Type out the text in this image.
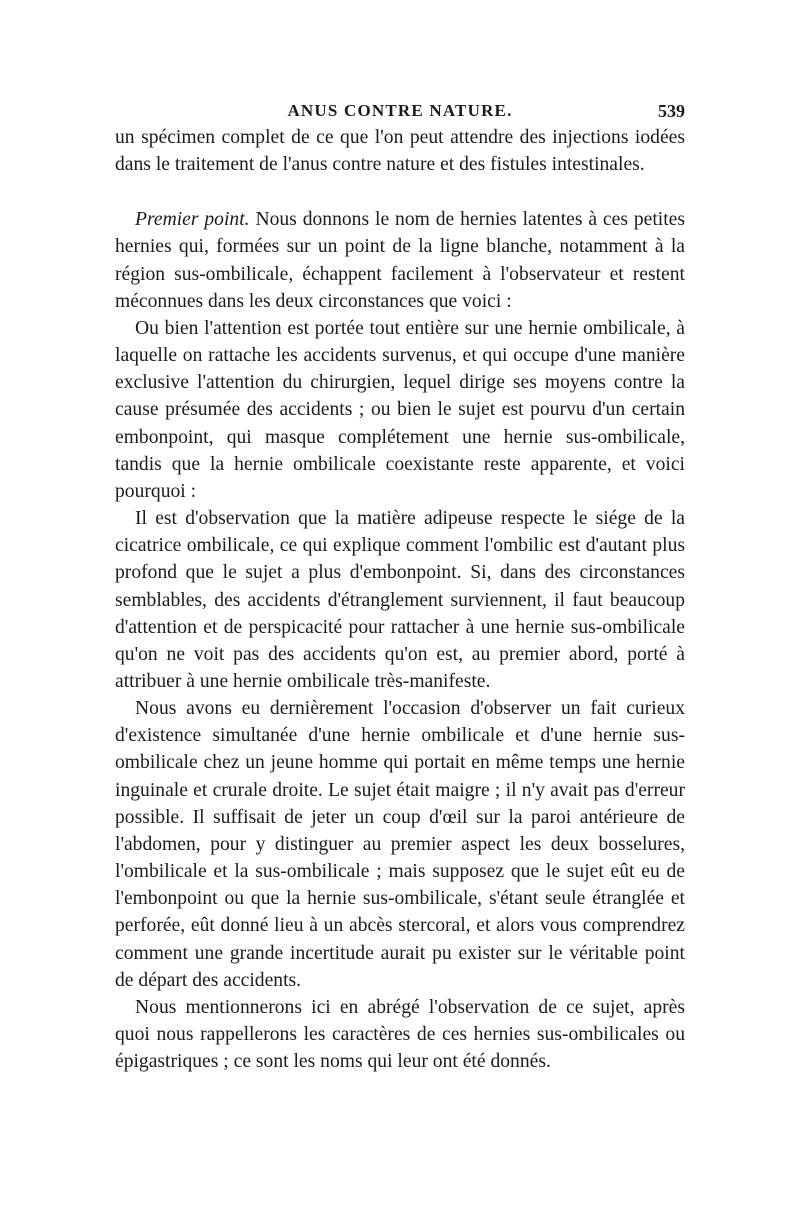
ANUS CONTRE NATURE.	539

un spécimen complet de ce que l'on peut attendre des injections iodées dans le traitement de l'anus contre nature et des fistules intestinales.

Premier point. Nous donnons le nom de hernies latentes à ces petites hernies qui, formées sur un point de la ligne blanche, notamment à la région sus-ombilicale, échappent facilement à l'observateur et restent méconnues dans les deux circonstances que voici :

Ou bien l'attention est portée tout entière sur une hernie ombilicale, à laquelle on rattache les accidents survenus, et qui occupe d'une manière exclusive l'attention du chirurgien, lequel dirige ses moyens contre la cause présumée des accidents ; ou bien le sujet est pourvu d'un certain embonpoint, qui masque complétement une hernie sus-ombilicale, tandis que la hernie ombilicale coexistante reste apparente, et voici pourquoi :

Il est d'observation que la matière adipeuse respecte le siége de la cicatrice ombilicale, ce qui explique comment l'ombilic est d'autant plus profond que le sujet a plus d'embonpoint. Si, dans des circonstances semblables, des accidents d'étranglement surviennent, il faut beaucoup d'attention et de perspicacité pour rattacher à une hernie sus-ombilicale qu'on ne voit pas des accidents qu'on est, au premier abord, porté à attribuer à une hernie ombilicale très-manifeste.

Nous avons eu dernièrement l'occasion d'observer un fait curieux d'existence simultanée d'une hernie ombilicale et d'une hernie sus-ombilicale chez un jeune homme qui portait en même temps une hernie inguinale et crurale droite. Le sujet était maigre ; il n'y avait pas d'erreur possible. Il suffisait de jeter un coup d'œil sur la paroi antérieure de l'abdomen, pour y distinguer au premier aspect les deux bosselures, l'ombilicale et la sus-ombilicale ; mais supposez que le sujet eût eu de l'embonpoint ou que la hernie sus-ombilicale, s'étant seule étranglée et perforée, eût donné lieu à un abcès stercoral, et alors vous comprendrez comment une grande incertitude aurait pu exister sur le véritable point de départ des accidents.

Nous mentionnerons ici en abrégé l'observation de ce sujet, après quoi nous rappellerons les caractères de ces hernies sus-ombilicales ou épigastriques ; ce sont les noms qui leur ont été donnés.
